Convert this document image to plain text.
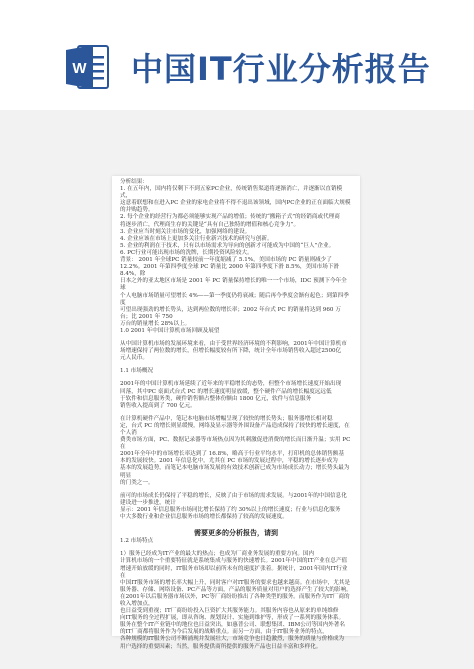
W 中国IT行业分析报告

分析结果：

1. 在五年内，国内将仅剩下不到五家PC企业，传统销售渠道将逐渐消亡，并逐渐以直销模式，

这意着联想和在进入PC 企业的家电企业将不得不退出该领域，国内PC企业的正在面临大规模

的并购趋势。

2. 每个企业的经营行为都必须能够实现产品的增值；传统的“搬箱子式”的经销商或代理商

将逐步消亡，代理商生存的关键是“具有自己独特的增值和核心竞争力”。

3. 企业应当时刻关注市场的变化，加强网络的建设。

4. 企业应该在市场上更加多关注行业新兴技术的研究与创新。

5. 企业的利润在于技术，只有以市场需求为导向的创新才可能成为中国的“巨人”企业。

6. PC行业可能出现市场的洗牌，长期投资风险较大。

背景： 2001 年全球PC 销量较前一年度缩减了 5.1%，美国市场的 PC 销量则减少了

12.2%。2001 年第四季度全球 PC 销量比 2000 年第四季度下滑 8.5%，美国市场下滑 8.4%，除

日本之外的亚太地区市场是 2001 年 PC 销量保持增长的唯一一个市场，IDC 预测下今年全球

个人电脑市场销量可望增长 4%——第一季度仍将衰减；随后再今季度会渐有起色；到第四季度

可望出现强劲的增长势头，达到两位数的增长率；2002 年台式 PC 的销量将达到 960 万台；比 2001 年 750

万台的销量增长 28%以上。

1.0 2001 年中国计算机市场回顾及展望

从中国计算机市场的发展环境来看，由于受世界经济环境的不利影响，2001年中国计算机市

场增速保持了两位数的增长，但增长幅度较有所下降，统计全年市场销售收入超过2500亿

元人民币。

1.1 市场概况

2001年的中国计算机市场延续了近年来的平稳增长的态势，但整个市场增长速度开始出现

回落，其中PC 桌面式台式 PC 的增长速度明显放缓，整个硬件产品的增长幅度远远低

于软件和信息服务类，硬件销售额占整体份额由 1800 亿元，软件与信息服务

销售收入提高到了 700 亿元。

在计算机硬件产品中，笔记本电脑市场增幅呈现了较快的增长势头；服务器增长相对稳

定，台式 PC 的增长则显缓慢，网络及显示器等外围设备产品造成保持了较快的增长速度，在个人消

费类市场方面，PC、数据记录器等市场热点因为其刺激促进消费的增长而日渐升温；实用 PC 在

2001年全年中的市场增长率达到了 16.8%，略高于行业平均水平，打印机的总体销售额基

本的发展较快。2001 年信息化中，尤其在 PC 市场的发展过程中，平稳的增长逐步成为

基本的发展趋势，而笔记本电脑市场发展的有效技术创新已成为市场成长动力；增长势头最为明显

的门类之一。

前可的市场成长仍保持了平稳的增长，反映了由于市场的需求发展。与2001年的中国信息化建设进一步推进，统计

显示：2001 年信息服务市场同比增长保持了约 30%以上的增长速度；行业与信息化服务

中大多数行业和企业信息服务市场的增长都保持了较高的发展速度。

需要更多的分析报告，请到

1.2 市场特点

1）服务已经成为IT产业的最大的热点；也成为厂商业务发展的重要方向。国内

计算机市场的一个重要特征就是系统集成与服务的快速增长。2001年中国的IT产业在总产值

增速开始放缓的同时，IT服务市场却以前所未有的速度扩张着。据统计，2001年国内IT行业在

中国IT服务市场的增长率大幅上升，同时客户对IT服务的要求也越来越高。在市场中，尤其是

服务器、存储、网络设备、PC产品等方面，产品的服务质量对用户的选择产生了较大的影响。

在2001年以后服务器市场以外，PC等厂商纷纷推出了各种类型的服务。而服务作为IT厂商的收入增加点，

也日益受到重视；IT厂商纷纷投入巨资扩大其服务能力。其服务内容也从原来的单纯维修

向IT服务的全过程扩展，即从咨询、规划设计、实施到维护等，形成了一系列的服务体系。

服务在整个IT产业链中的地位也日益突出，如惠普公司、联想集团、IBM公司等国内外著名

的IT厂商都将服务作为今后发展的战略重点。而另一方面，由于IT服务业务的特点，

各种规模的IT服务公司不断涌现并发展壮大，市场竞争也日趋激烈，服务的质量与价格成为

用户选择的重要因素；当然，服务提供商所提供的服务产品也日益丰富和多样化。
